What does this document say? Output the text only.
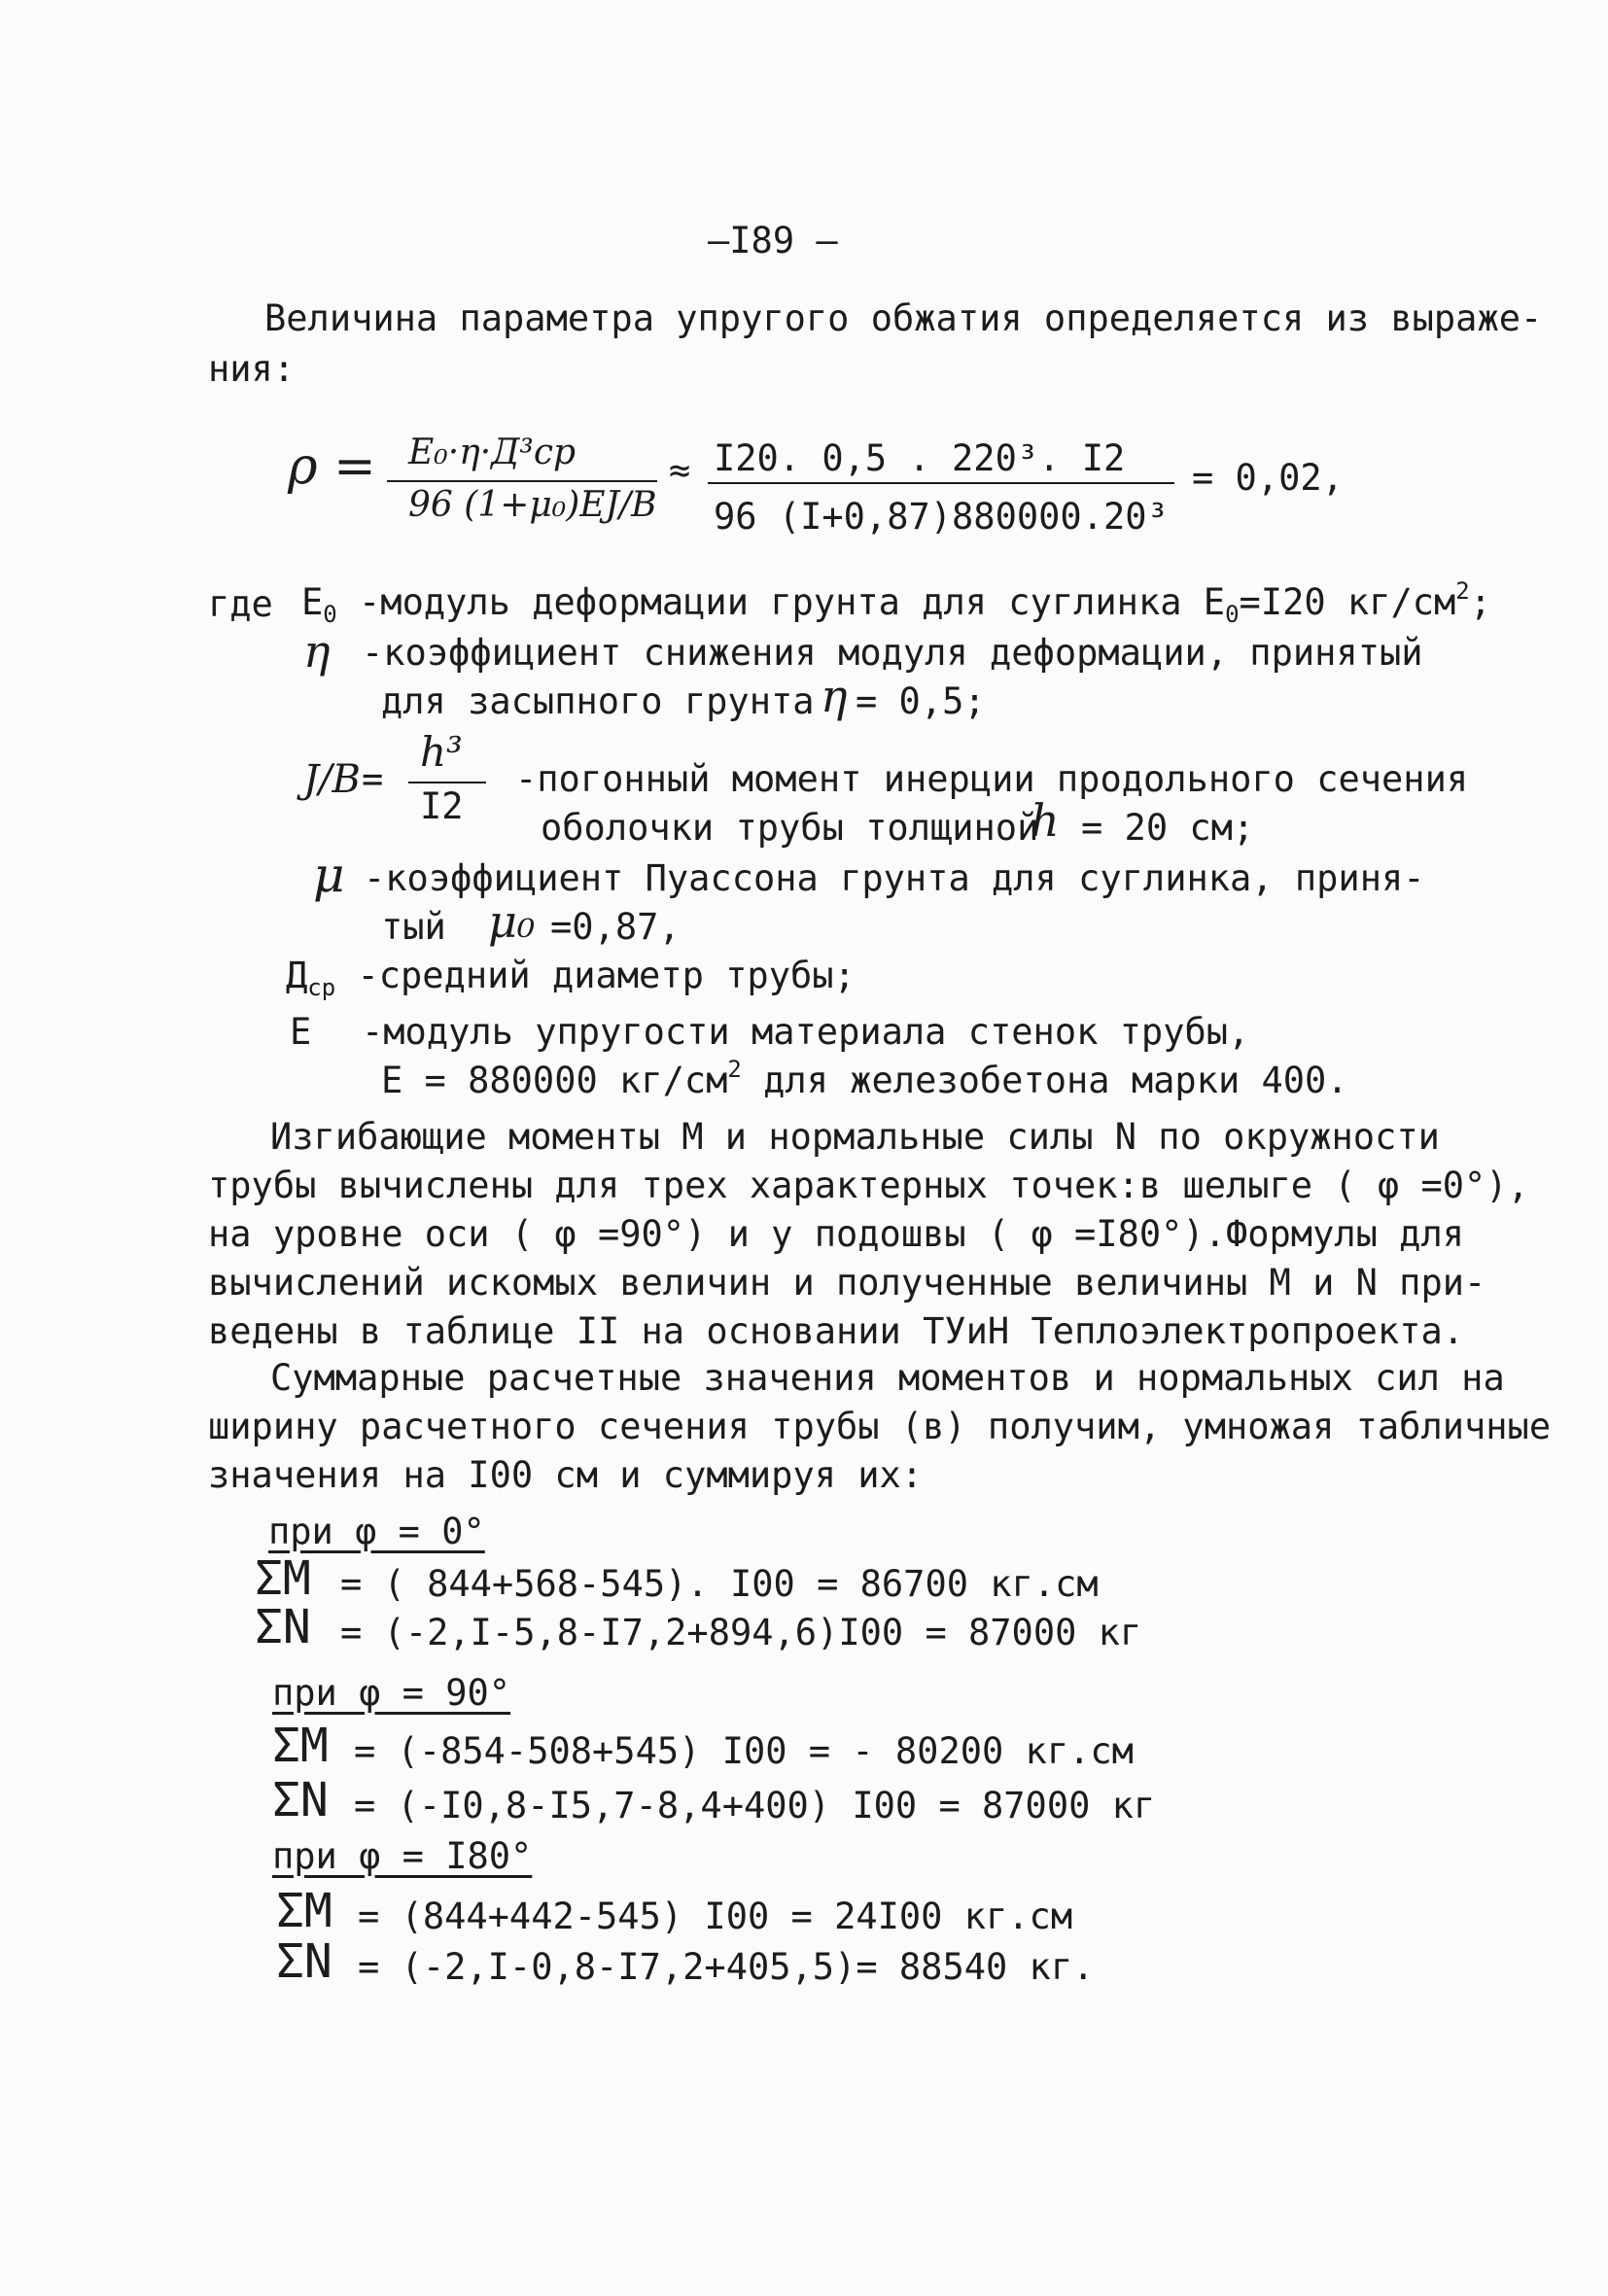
—I89 —
Величина параметра упругого обжатия определяется из выраже-
ния:
ρ = E₀·η·Д³ср
96 (1+μ₀)EJ/B
≈ I20. 0,5 . 220³. I2
96 (I+0,87)880000.20³
= 0,02,
где $E_0$ -модуль деформации грунта для суглинка $E_0=I20$ $кг/см^2$;
η -коэффициент снижения модуля деформации, принятый
для засыпного грунта η = 0,5;
J/B =
h³
I2
-погонный момент инерции продольного сечения
оболочки трубы толщиной
h = 20 см;
μ -коэффициент Пуассона грунта для суглинка, приня-
тый μ₀ =0,87,
$Д_{ср}$ -средний диаметр трубы;
E -модуль упругости материала стенок трубы,
E = 880000 $кг/см^2$ для железобетона марки 400.
Изгибающие моменты M и нормальные силы N по окружности
трубы вычислены для трех характерных точек:в шелыге ( φ =0°),
на уровне оси ( φ =90°) и у подошвы ( φ =I80°).Формулы для
вычислений искомых величин и полученные величины M и N при-
ведены в таблице II на основании ТУиН Теплоэлектропроекта.
Суммарные расчетные значения моментов и нормальных сил на
ширину расчетного сечения трубы (в) получим, умножая табличные
значения на I00 см и суммируя их:
при φ = 0°
ΣM = ( 844+568-545). I00 = 86700 кг.см
ΣN = (-2,I-5,8-I7,2+894,6)I00 = 87000 кг
при φ = 90°
ΣM = (-854-508+545) I00 = - 80200 кг.см
ΣN = (-I0,8-I5,7-8,4+400) I00 = 87000 кг
при φ = I80°
ΣM = (844+442-545) I00 = 24I00 кг.см
ΣN = (-2,I-0,8-I7,2+405,5)= 88540 кг.
